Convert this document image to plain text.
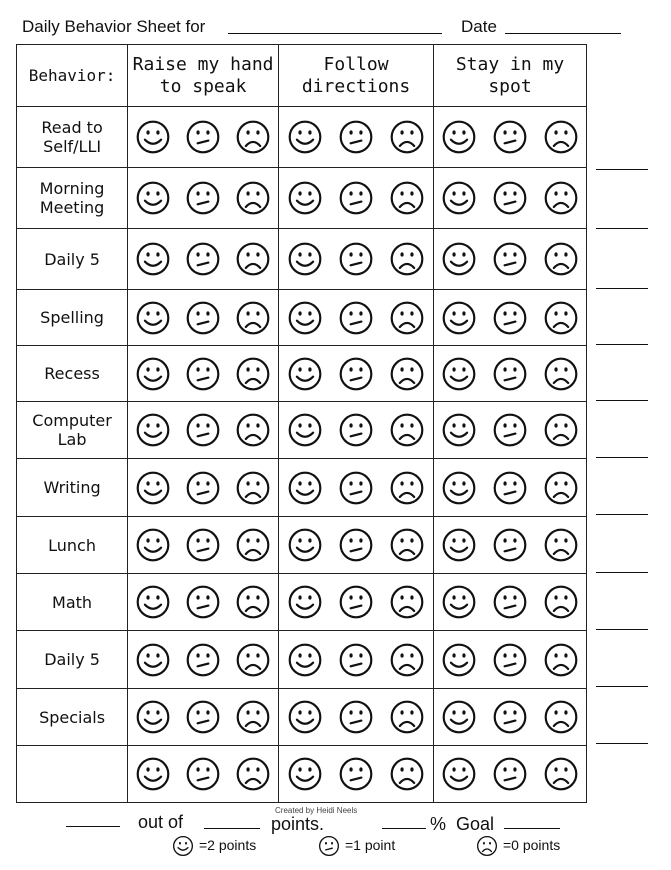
Daily Behavior Sheet for	Date
Behavior:	Raise my hand to speak	Follow directions	Stay in my spot
Read to Self/LLI	

Morning Meeting	

Daily 5	

Spelling	

Recess	

Computer Lab	

Writing	

Lunch	

Math	

Daily 5	

Specials	

Created by Heidi Neels
out of	points.	% Goal
=2 points	=1 point	=0 points
